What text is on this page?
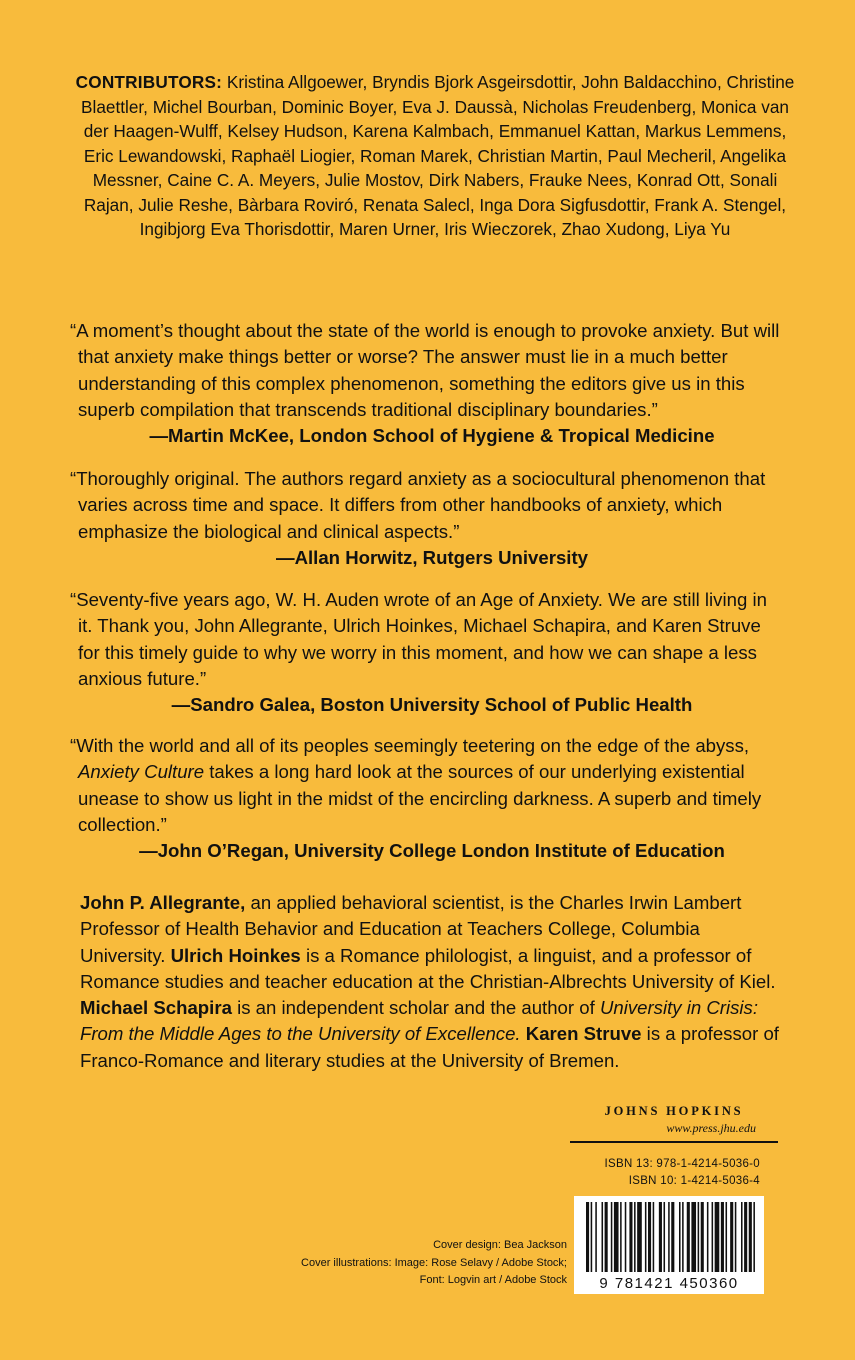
CONTRIBUTORS: Kristina Allgoewer, Bryndis Bjork Asgeirsdottir, John Baldacchino, Christine Blaettler, Michel Bourban, Dominic Boyer, Eva J. Daussà, Nicholas Freudenberg, Monica van der Haagen-Wulff, Kelsey Hudson, Karena Kalmbach, Emmanuel Kattan, Markus Lemmens, Eric Lewandowski, Raphaël Liogier, Roman Marek, Christian Martin, Paul Mecheril, Angelika Messner, Caine C. A. Meyers, Julie Mostov, Dirk Nabers, Frauke Nees, Konrad Ott, Sonali Rajan, Julie Reshe, Bàrbara Roviró, Renata Salecl, Inga Dora Sigfusdottir, Frank A. Stengel, Ingibjorg Eva Thorisdottir, Maren Urner, Iris Wieczorek, Zhao Xudong, Liya Yu
“A moment’s thought about the state of the world is enough to provoke anxiety. But will that anxiety make things better or worse? The answer must lie in a much better understanding of this complex phenomenon, something the editors give us in this superb compilation that transcends traditional disciplinary boundaries.”
—Martin McKee, London School of Hygiene & Tropical Medicine
“Thoroughly original. The authors regard anxiety as a sociocultural phenomenon that varies across time and space. It differs from other handbooks of anxiety, which emphasize the biological and clinical aspects.”
—Allan Horwitz, Rutgers University
“Seventy-five years ago, W. H. Auden wrote of an Age of Anxiety. We are still living in it. Thank you, John Allegrante, Ulrich Hoinkes, Michael Schapira, and Karen Struve for this timely guide to why we worry in this moment, and how we can shape a less anxious future.”
—Sandro Galea, Boston University School of Public Health
“With the world and all of its peoples seemingly teetering on the edge of the abyss, Anxiety Culture takes a long hard look at the sources of our underlying existential unease to show us light in the midst of the encircling darkness. A superb and timely collection.”
—John O’Regan, University College London Institute of Education
John P. Allegrante, an applied behavioral scientist, is the Charles Irwin Lambert Professor of Health Behavior and Education at Teachers College, Columbia University. Ulrich Hoinkes is a Romance philologist, a linguist, and a professor of Romance studies and teacher education at the Christian-Albrechts University of Kiel. Michael Schapira is an independent scholar and the author of University in Crisis: From the Middle Ages to the University of Excellence. Karen Struve is a professor of Franco-Romance and literary studies at the University of Bremen.
JOHNS HOPKINS
www.press.jhu.edu
ISBN 13: 978-1-4214-5036-0
ISBN 10: 1-4214-5036-4
9 781421 450360
Cover design: Bea Jackson
Cover illustrations: Image: Rose Selavy / Adobe Stock;
Font: Logvin art / Adobe Stock
